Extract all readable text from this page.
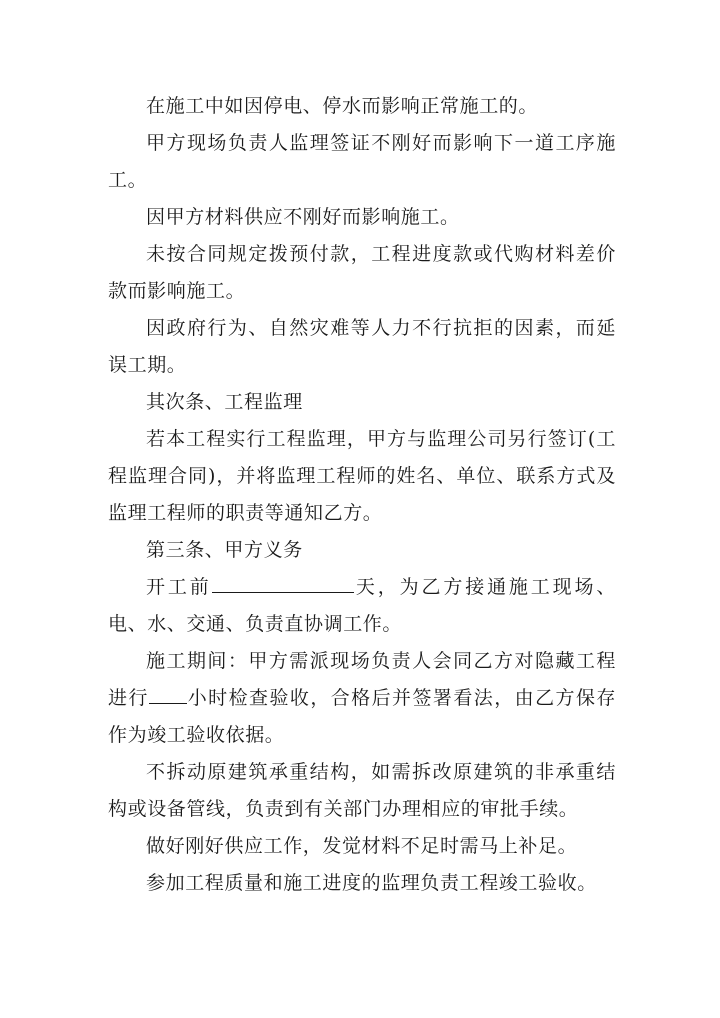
在施工中如因停电、停水而影响正常施工的。

甲方现场负责人监理签证不刚好而影响下一道工序施工。

因甲方材料供应不刚好而影响施工。

未按合同规定拨预付款，工程进度款或代购材料差价款而影响施工。

因政府行为、自然灾难等人力不行抗拒的因素，而延误工期。

其次条、工程监理

若本工程实行工程监理，甲方与监理公司另行签订(工程监理合同)，并将监理工程师的姓名、单位、联系方式及监理工程师的职责等通知乙方。

第三条、甲方义务

开工前	天，为乙方接通施工现场、电、水、交通、负责直协调工作。

施工期间：甲方需派现场负责人会同乙方对隐藏工程进行 小时检查验收，合格后并签署看法，由乙方保存作为竣工验收依据。

不拆动原建筑承重结构，如需拆改原建筑的非承重结构或设备管线，负责到有关部门办理相应的审批手续。

做好刚好供应工作，发觉材料不足时需马上补足。

参加工程质量和施工进度的监理负责工程竣工验收。
